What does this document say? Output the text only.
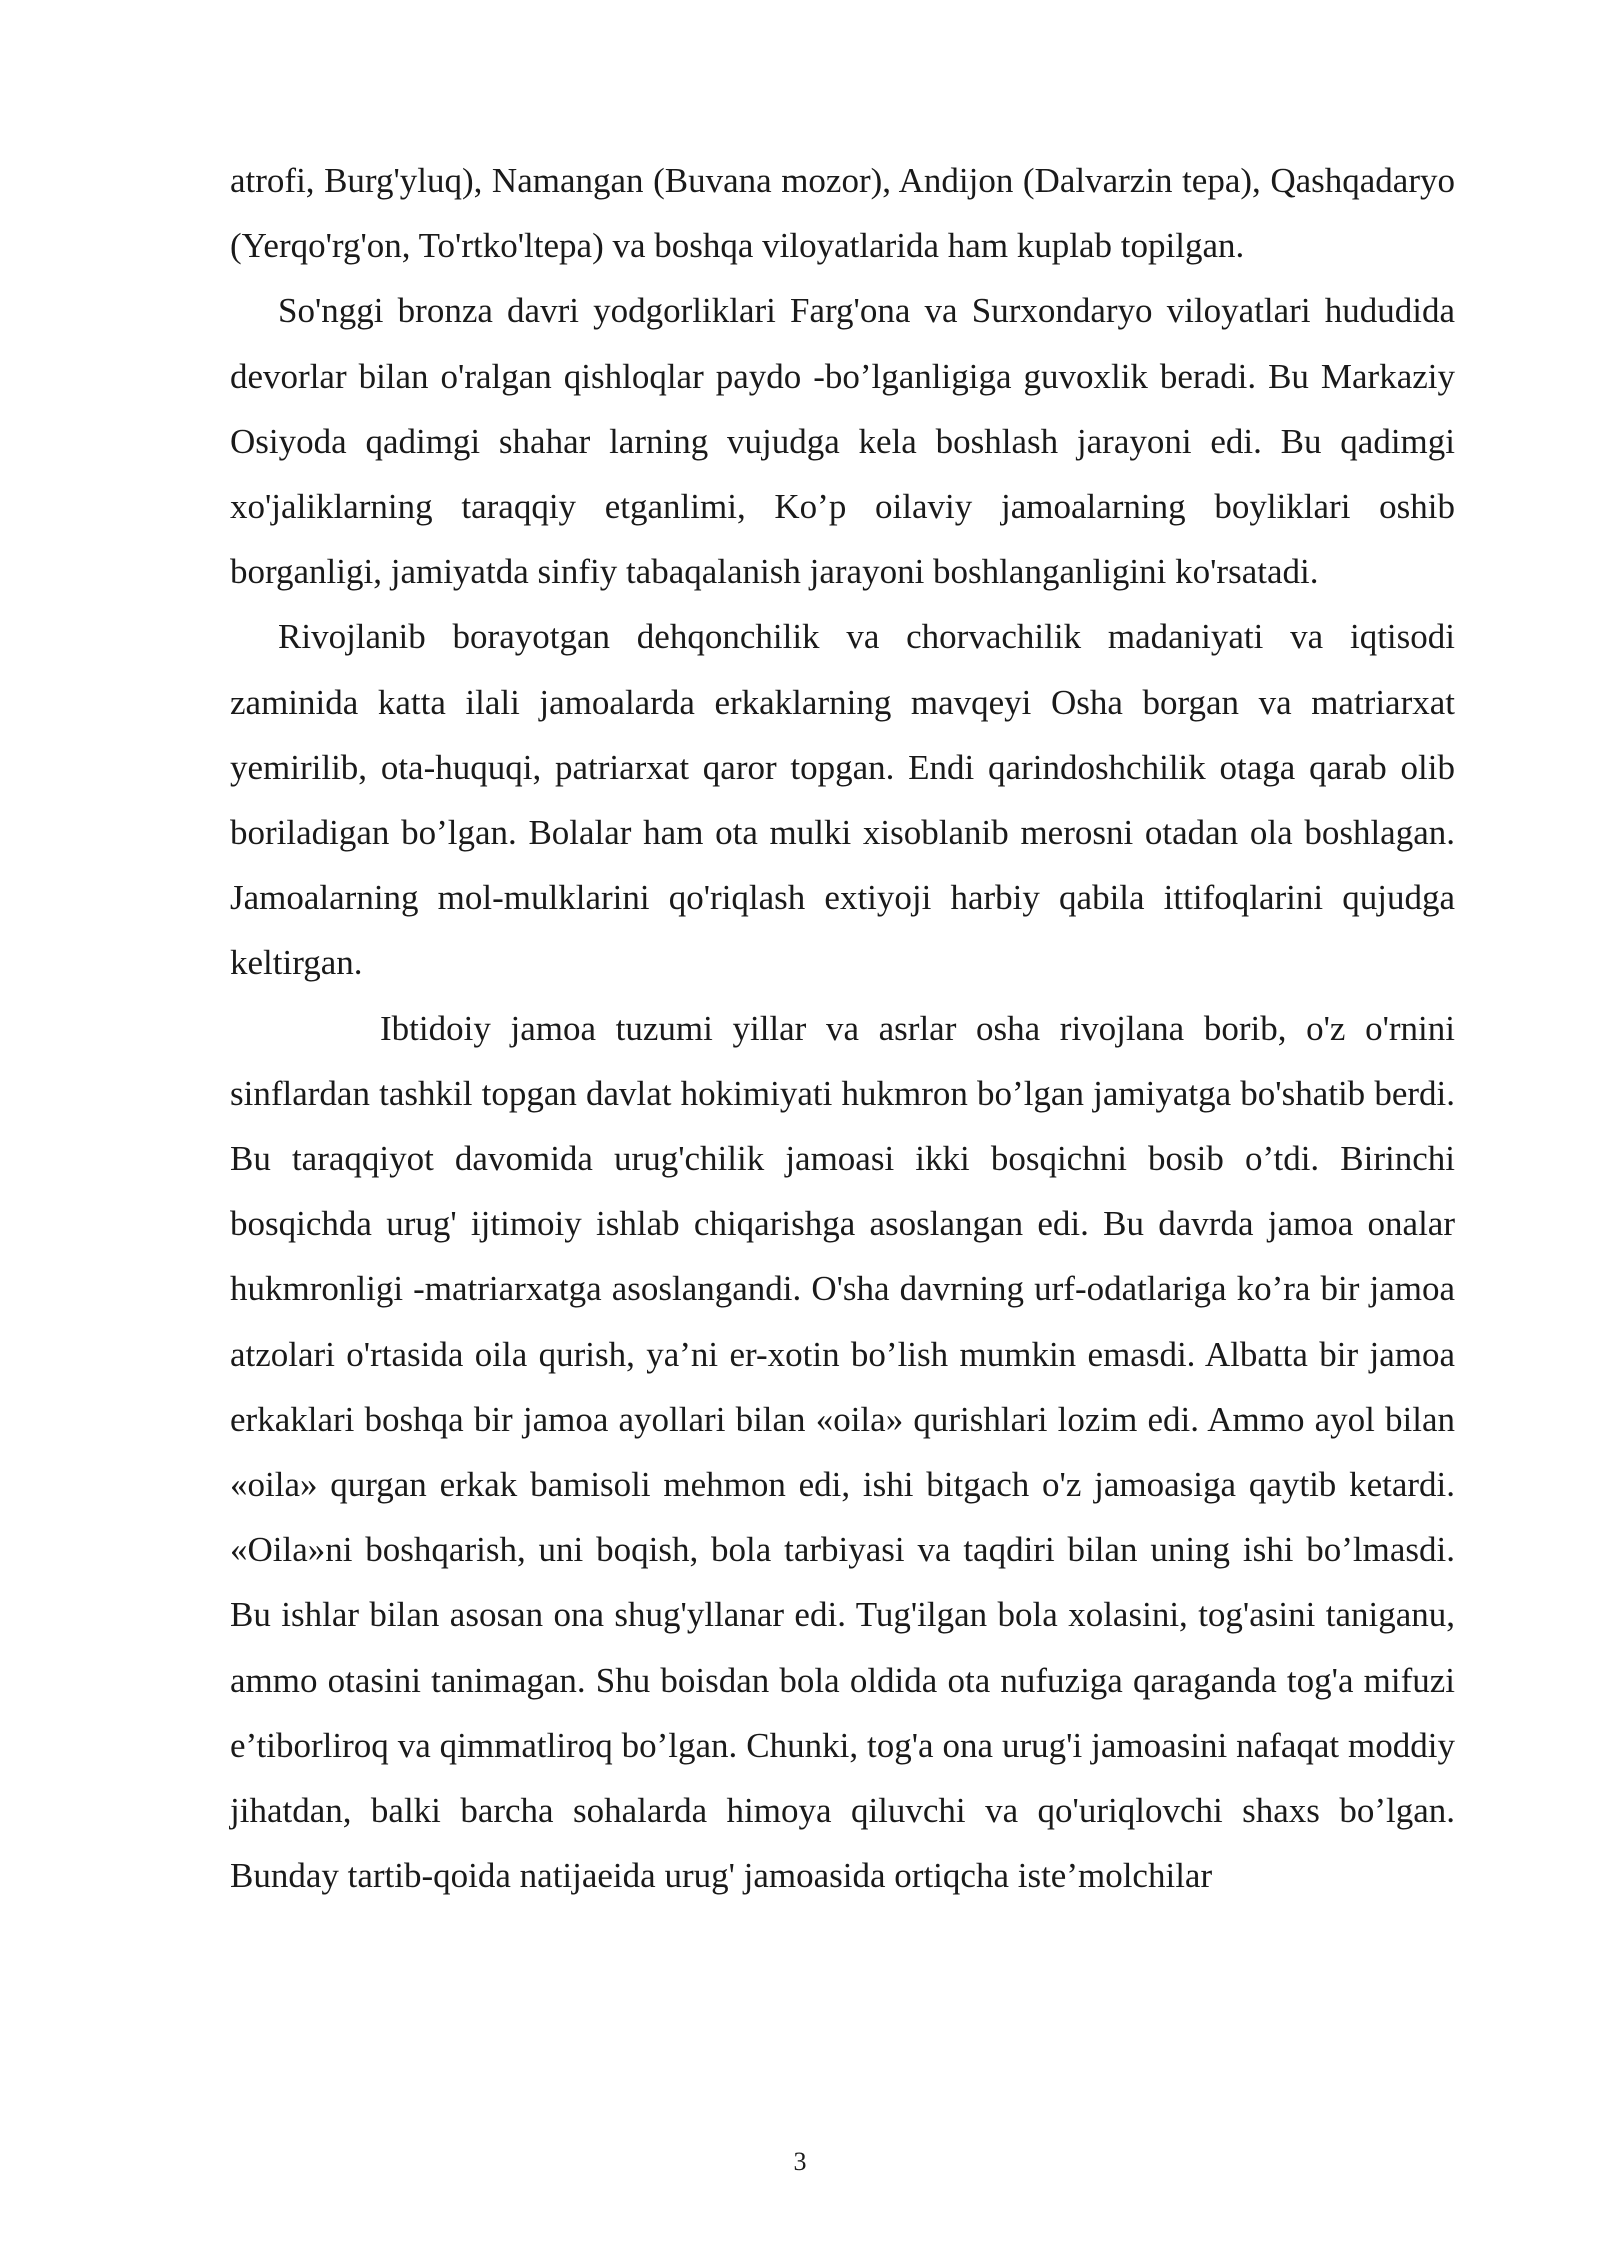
atrofi, Burg'yluq), Namangan (Buvana mozor), Andijon (Dalvarzin tepa), Qashqadaryo (Yerqo'rg'on, To'rtko'ltepa) va boshqa viloyatlarida ham kuplab topilgan.

So'nggi bronza davri yodgorliklari Farg'ona va Surxondaryo viloyatlari hududida devorlar bilan o'ralgan qishloqlar paydo -bo’lganligiga guvoxlik beradi. Bu Markaziy Osiyoda qadimgi shahar larning vujudga kela boshlash jarayoni edi. Bu qadimgi xo'jaliklarning taraqqiy etganlimi, Ko’p oilaviy jamoalarning boyliklari oshib borganligi, jamiyatda sinfiy tabaqalanish jarayoni boshlanganligini ko'rsatadi.

Rivojlanib borayotgan dehqonchilik va chorvachilik madaniyati va iqtisodi zaminida katta ilali jamoalarda erkaklarning mavqeyi Osha borgan va matriarxat yemirilib, ota-huquqi, patriarxat qaror topgan. Endi qarindoshchilik otaga qarab olib boriladigan bo’lgan. Bolalar ham ota mulki xisoblanib merosni otadan ola boshlagan. Jamoalarning mol-mulklarini qo'riqlash extiyoji harbiy qabila ittifoqlarini qujudga keltirgan.

Ibtidoiy jamoa tuzumi yillar va asrlar osha rivojlana borib, o'z o'rnini sinflardan tashkil topgan davlat hokimiyati hukmron bo’lgan jamiyatga bo'shatib berdi. Bu taraqqiyot davomida urug'chilik jamoasi ikki bosqichni bosib o’tdi. Birinchi bosqichda urug' ijtimoiy ishlab chiqarishga asoslangan edi. Bu davrda jamoa onalar hukmronligi -matriarxatga asoslangandi. O'sha davrning urf-odatlariga ko’ra bir jamoa atzolari o'rtasida oila qurish, ya’ni er-xotin bo’lish mumkin emasdi. Albatta bir jamoa erkaklari boshqa bir jamoa ayollari bilan «oila» qurishlari lozim edi. Ammo ayol bilan «oila» qurgan erkak bamisoli mehmon edi, ishi bitgach o'z jamoasiga qaytib ketardi. «Oila»ni boshqarish, uni boqish, bola tarbiyasi va taqdiri bilan uning ishi bo’lmasdi. Bu ishlar bilan asosan ona shug'yllanar edi. Tug'ilgan bola xolasini, tog'asini taniganu, ammo otasini tanimagan. Shu boisdan bola oldida ota nufuziga qaraganda tog'a mifuzi e’tiborliroq va qimmatliroq bo’lgan. Chunki, tog'a ona urug'i jamoasini nafaqat moddiy jihatdan, balki barcha sohalarda himoya qiluvchi va qo'uriqlovchi shaxs bo’lgan. Bunday tartib-qoida natijaeida urug' jamoasida ortiqcha iste’molchilar

3
